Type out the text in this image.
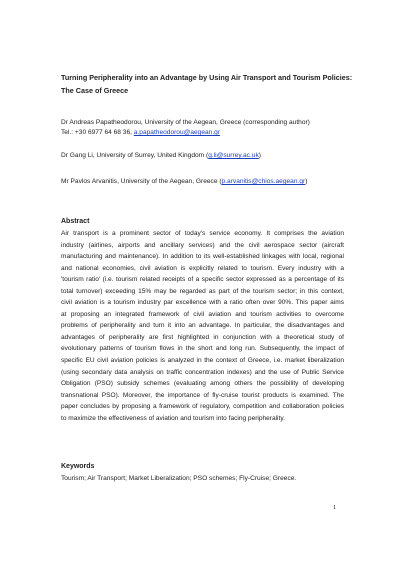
Turning Peripherality into an Advantage by Using Air Transport and Tourism Policies:
The Case of Greece
Dr Andreas Papatheodorou, University of the Aegean, Greece (corresponding author)
Tel.: +30 6977 64 68 36, a.papatheodorou@aegean.gr
Dr Gang Li, University of Surrey, United Kingdom (g.li@surrey.ac.uk)
Mr Pavlos Arvanitis, University of the Aegean, Greece (p.arvanitis@chios.aegean.gr)
Abstract
Air transport is a prominent sector of today's service economy. It comprises the aviation
industry (airlines, airports and ancillary services) and the civil aerospace sector (aircraft
manufacturing and maintenance). In addition to its well-established linkages with local, regional
and national economies, civil aviation is explicitly related to tourism. Every industry with a
'tourism ratio' (i.e. tourism related receipts of a specific sector expressed as a percentage of its
total turnover) exceeding 15% may be regarded as part of the tourism sector; in this context,
civil aviation is a tourism industry par excellence with a ratio often over 90%. This paper aims
at proposing an integrated framework of civil aviation and tourism activities to overcome
problems of peripherality and turn it into an advantage. In particular, the disadvantages and
advantages of peripherality are first highlighted in conjunction with a theoretical study of
evolutionary patterns of tourism flows in the short and long run. Subsequently, the impact of
specific EU civil aviation policies is analyzed in the context of Greece, i.e. market liberalization
(using secondary data analysis on traffic concentration indexes) and the use of Public Service
Obligation (PSO) subsidy schemes (evaluating among others the possibility of developing
transnational PSO). Moreover, the importance of fly-cruise tourist products is examined. The
paper concludes by proposing a framework of regulatory, competition and collaboration policies
to maximize the effectiveness of aviation and tourism into facing peripherality.
Keywords
Tourism; Air Transport; Market Liberalization; PSO schemes; Fly-Cruise; Greece.
1
